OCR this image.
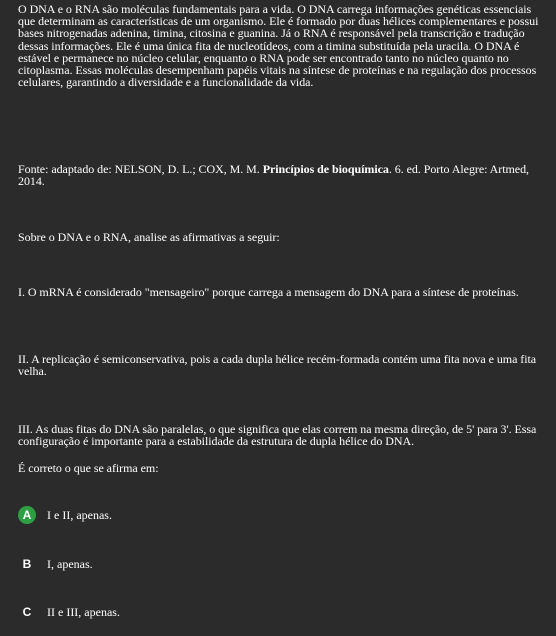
O DNA e o RNA são moléculas fundamentais para a vida. O DNA carrega informações genéticas essenciais que determinam as características de um organismo. Ele é formado por duas hélices complementares e possui bases nitrogenadas adenina, timina, citosina e guanina. Já o RNA é responsável pela transcrição e tradução dessas informações. Ele é uma única fita de nucleotídeos, com a timina substituída pela uracila. O DNA é estável e permanece no núcleo celular, enquanto o RNA pode ser encontrado tanto no núcleo quanto no citoplasma. Essas moléculas desempenham papéis vitais na síntese de proteínas e na regulação dos processos celulares, garantindo a diversidade e a funcionalidade da vida.

Fonte: adaptado de: NELSON, D. L.; COX, M. M. Princípios de bioquímica. 6. ed. Porto Alegre: Artmed, 2014.

Sobre o DNA e o RNA, analise as afirmativas a seguir:

I. O mRNA é considerado "mensageiro" porque carrega a mensagem do DNA para a síntese de proteínas.

II. A replicação é semiconservativa, pois a cada dupla hélice recém-formada contém uma fita nova e uma fita velha.

III. As duas fitas do DNA são paralelas, o que significa que elas correm na mesma direção, de 5' para 3'. Essa configuração é importante para a estabilidade da estrutura de dupla hélice do DNA.

É correto o que se afirma em:

A	I e II, apenas.
B	I, apenas.
C	II e III, apenas.
